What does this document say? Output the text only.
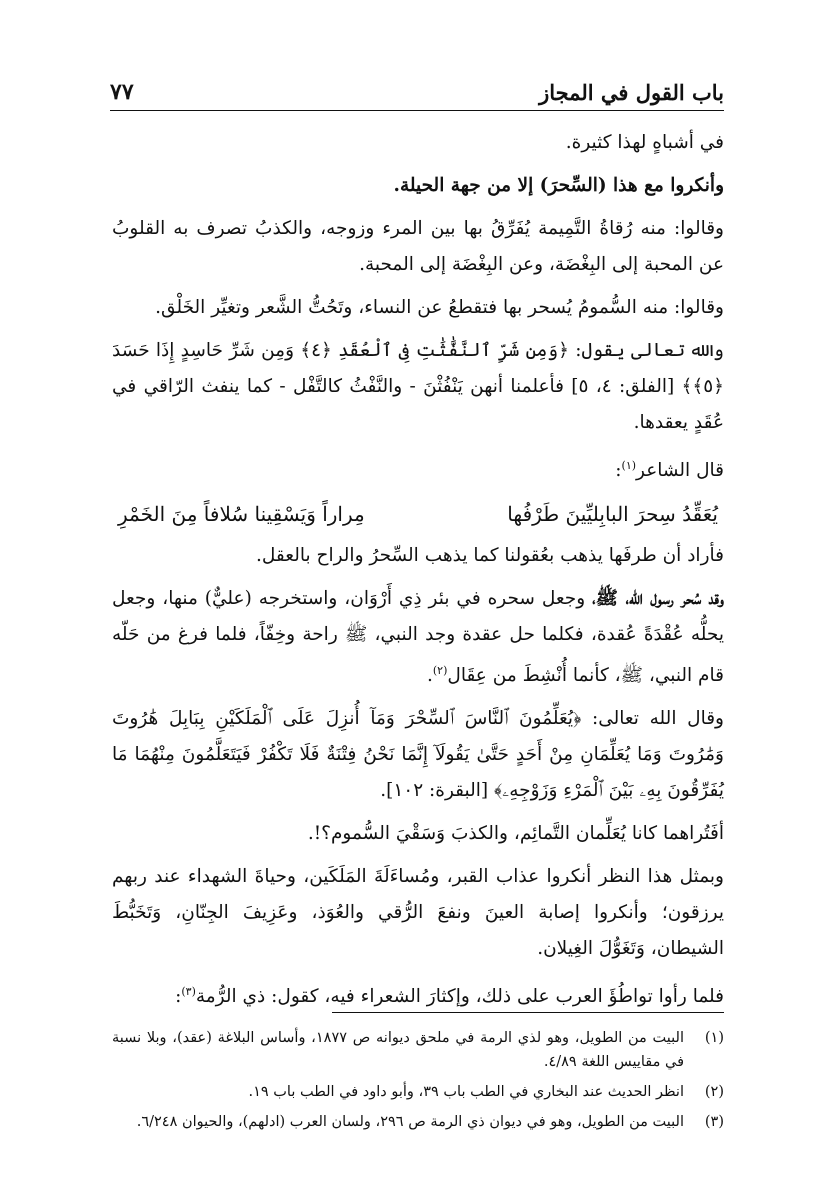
باب القول في المجاز
٧٧

في أشباهٍ لهذا كثيرة.

وأنكروا مع هذا (السِّحرَ) إلا من جهة الحيلة.

وقالوا: منه رُقاةُ التَّمِيمة يُفَرِّقُ بها بين المرء وزوجه، والكذبُ تصرف به القلوبُ عن المحبة إلى البِغْضَة، وعن البِغْضَة إلى المحبة.

وقالوا: منه السُّمومُ يُسحر بها فتقطعُ عن النساء، وتَحُتُّ الشَّعر وتغيِّر الخَلْق.

والله تعالى يقول: ﴿وَمِن شَرِّ ٱلنَّفَّٰثَٰتِ فِى ٱلْعُقَدِ ﴿٤﴾ وَمِن شَرِّ حَاسِدٍ إِذَا حَسَدَ ﴿٥﴾﴾ [الفلق: ٤، ٥] فأعلمنا أنهن يَنْفُثْنَ - والنَّفْثُ كالتَّفْل - كما ينفث الرّاقي في عُقَدٍ يعقدها.

قال الشاعر$^{(١)}$:

يُعَقِّدُ سِحرَ البابِليِّينَ طَرْفُها
مِراراً وَيَسْقِينا سُلافاً مِنَ الخَمْرِ

فأراد أن طرفَها يذهب بعُقولنا كما يذهب السِّحرُ والراح بالعقل.

وقد سُحر رسول الله، ﷺ، وجعل سحره في بئر ذِي أَرْوَان، واستخرجه (عليٌّ) منها، وجعل يحلُّه عُقْدَةً عُقدة، فكلما حل عقدة وجد النبي، ﷺ راحة وخِفّاً، فلما فرغ من حَلّه قام النبي، ﷺ، كأنما أُنْشِطَ من عِقَال$^{(٢)}$.

وقال الله تعالى: ﴿يُعَلِّمُونَ ٱلنَّاسَ ٱلسِّحْرَ وَمَآ أُنزِلَ عَلَى ٱلْمَلَكَيْنِ بِبَابِلَ هَٰرُوتَ وَمَٰرُوتَ وَمَا يُعَلِّمَانِ مِنْ أَحَدٍ حَتَّىٰ يَقُولَآ إِنَّمَا نَحْنُ فِتْنَةٌ فَلَا تَكْفُرْ فَيَتَعَلَّمُونَ مِنْهُمَا مَا يُفَرِّقُونَ بِهِۦ بَيْنَ ٱلْمَرْءِ وَزَوْجِهِۦ﴾ [البقرة: ١٠٢].

أفَتُراهما كانا يُعَلِّمان التَّمائِم، والكذبَ وَسَقْيَ السُّموم؟!.

وبمثل هذا النظر أنكروا عذاب القبر، ومُساءَلَةَ المَلَكَين، وحياةَ الشهداء عند ربهم يرزقون؛ وأنكروا إصابة العينَ ونفعَ الرُّقي والعُوَذ، وعَزِيفَ الجِنّانِ، وَتَخَبُّطَ الشيطان، وَتَغَوُّلَ الغِيلان.

فلما رأوا تواطُؤَ العرب على ذلك، وإكثارَ الشعراء فيه، كقول: ذي الرُّمة$^{(٣)}$:

(١)
البيت من الطويل، وهو لذي الرمة في ملحق ديوانه ص ١٨٧٧، وأساس البلاغة (عقد)، وبلا نسبة في مقاييس اللغة ٤/٨٩.
(٢)
انظر الحديث عند البخاري في الطب باب ٣٩، وأبو داود في الطب باب ١٩.
(٣)
البيت من الطويل، وهو في ديوان ذي الرمة ص ٢٩٦، ولسان العرب (ادلهم)، والحيوان ٦/٢٤٨.
